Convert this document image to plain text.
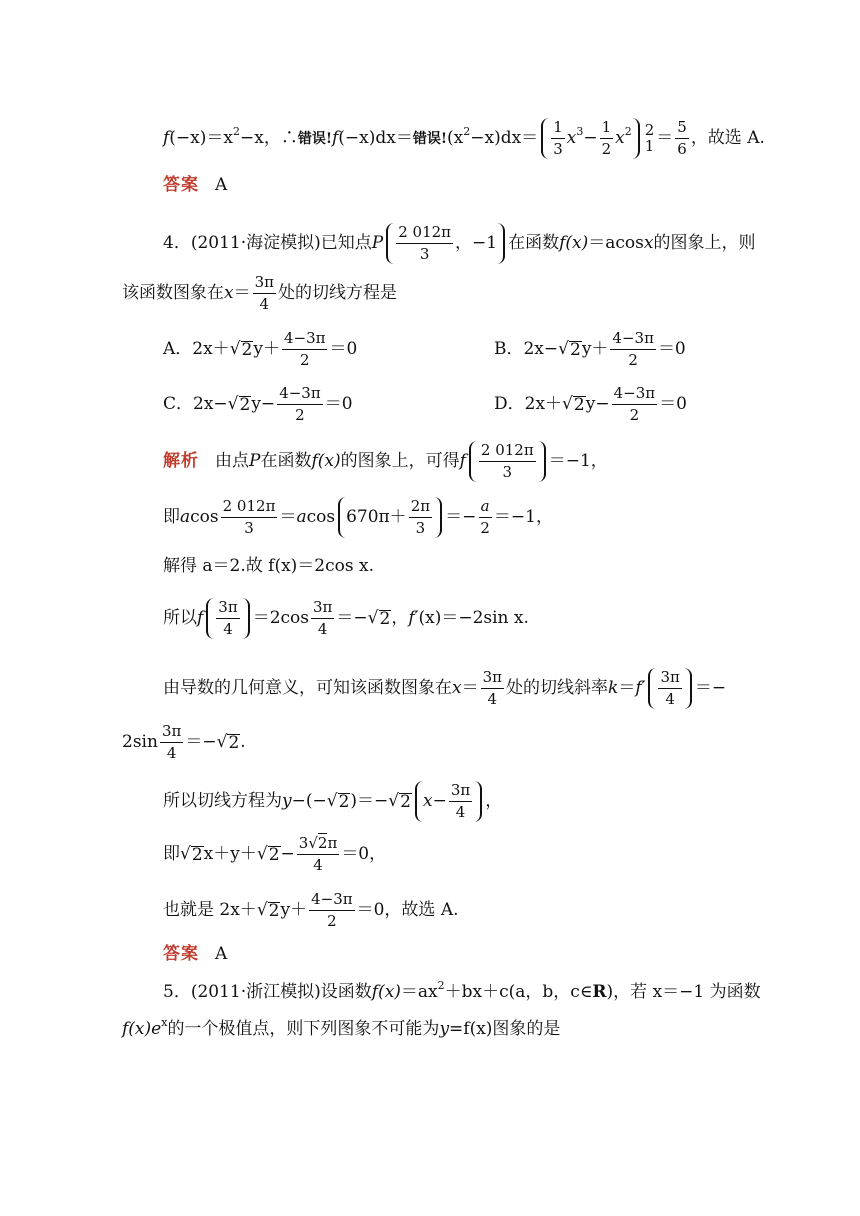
f (−x)＝x 2 −x，∴ 错误! f (−x)dx＝ 错误! (x $2 -x)dx= \frac{1}{3}$ x $3 - \frac{1}{2}$ x 2 2
$1 = \frac{5}{6}$ ，故选 A.
答案 A
4．(2011· 海淀模拟 )已知点 P $\frac{2 012\pi}{3}$ ， −1 在函数 f(x) ＝a cos x 的图象上，则
该函数图象在 $x = \frac{3\pi}{4}$ 处的切线方程是
A．2x＋ √ 2 $y+ \frac{4-3\pi}{2} =0$	B．2x− √ 2 $y+ \frac{4-3\pi}{2} =0$
C．2x− √ 2 $y- \frac{4-3\pi}{2} =0$	D．2x＋ √ 2 $y- \frac{4-3\pi}{2} =0$
解析 由点 P 在函数 f(x) 的图象上，可得 f $\frac{2 012\pi}{3} =-1$，
即 a $\cos \frac{2 012\pi}{3} = a$ $\cos 670\pi+ \frac{2\pi}{3} =- \frac{a}{2} =-1$，
解得 a＝2.故 f(x)＝2cos x.
所以 f $\frac{3\pi}{4} =2\cos \frac{3\pi}{4}$ ＝− √ 2 ， f′ (x)＝−2sin x.
由导数的几何意义，可知该函数图象在 $x = \frac{3\pi}{4}$ 处的切线斜率 $k = f' \frac{3\pi}{4}$ ＝−
$2\sin \frac{3\pi}{4}$ ＝− √ 2 .
所以切线方程为 y −(− √ 2 )＝− √ 2 $x - \frac{3\pi}{4}$ ，
即 √ 2 x＋y＋ √ $2 - \frac{3√2\pi}{4} =0$，
也就是 2x＋ √ 2 $y+ \frac{4-3\pi}{2} =0$，故选 A.
答案 A
5．(2011· 浙江模拟 )设函数 f(x) ＝ax 2 ＋bx＋c(a，b，c∈ R )，若 x＝−1 为函数
f(x)e x 的一个极值点，则下列图象不可能为 y =f(x)图象的是
